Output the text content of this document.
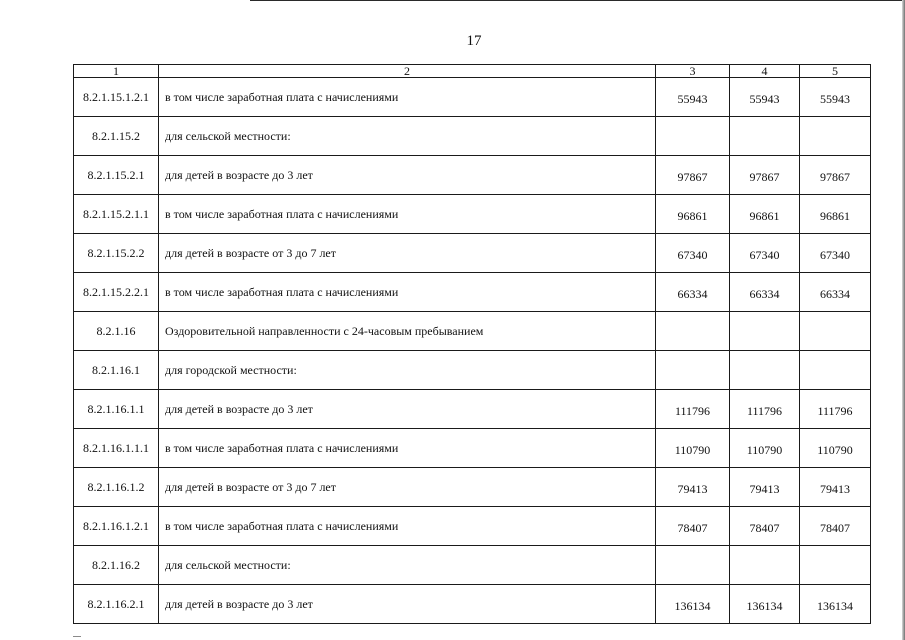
17
1	2	3	4	5
8.2.1.15.1.2.1	в том числе заработная плата с начислениями	55943	55943	55943
8.2.1.15.2	для сельской местности:			
8.2.1.15.2.1	для детей в возрасте до 3 лет	97867	97867	97867
8.2.1.15.2.1.1	в том числе заработная плата с начислениями	96861	96861	96861
8.2.1.15.2.2	для детей в возрасте от 3 до 7 лет	67340	67340	67340
8.2.1.15.2.2.1	в том числе заработная плата с начислениями	66334	66334	66334
8.2.1.16	Оздоровительной направленности с 24-часовым пребыванием			
8.2.1.16.1	для городской местности:			
8.2.1.16.1.1	для детей в возрасте до 3 лет	111796	111796	111796
8.2.1.16.1.1.1	в том числе заработная плата с начислениями	110790	110790	110790
8.2.1.16.1.2	для детей в возрасте от 3 до 7 лет	79413	79413	79413
8.2.1.16.1.2.1	в том числе заработная плата с начислениями	78407	78407	78407
8.2.1.16.2	для сельской местности:			
8.2.1.16.2.1	для детей в возрасте до 3 лет	136134	136134	136134
